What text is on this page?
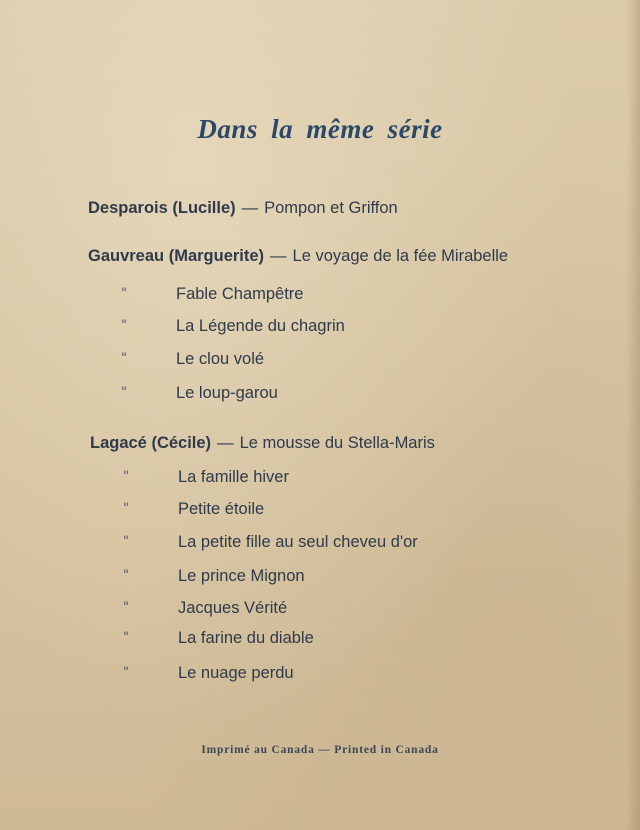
Dans la même série
Desparois (Lucille) — Pompon et Griffon
Gauvreau (Marguerite) — Le voyage de la fée Mirabelle
"	Fable Champêtre
"	La Légende du chagrin
"	Le clou volé
"	Le loup-garou
Lagacé (Cécile) — Le mousse du Stella-Maris
"	La famille hiver
"	Petite étoile
"	La petite fille au seul cheveu d'or
"	Le prince Mignon
"	Jacques Vérité
"	La farine du diable
"	Le nuage perdu
Imprimé au Canada — Printed in Canada
